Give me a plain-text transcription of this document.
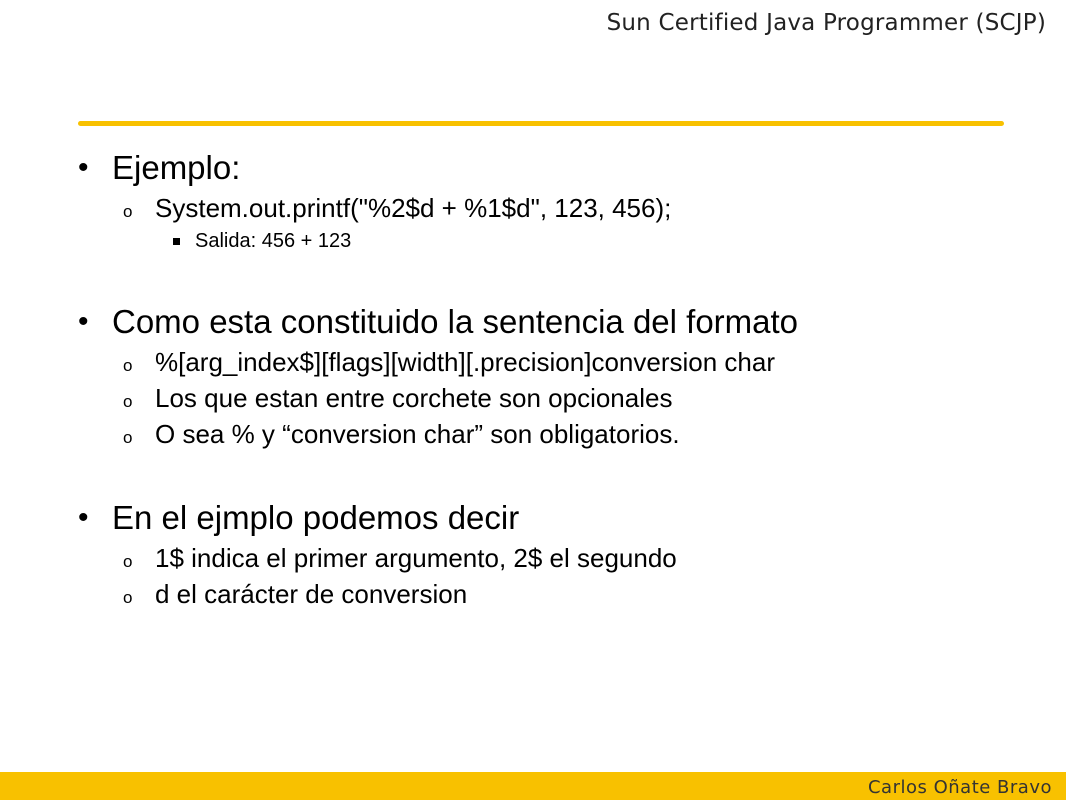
Sun Certified Java Programmer (SCJP)
• Ejemplo:
o System.out.printf("%2$d + %1$d", 123, 456);
Salida: 456 + 123
• Como esta constituido la sentencia del formato
o %[arg_index$][flags][width][.precision]conversion char
o Los que estan entre corchete son opcionales
o O sea % y “conversion char” son obligatorios.
• En el ejmplo podemos decir
o 1$ indica el primer argumento, 2$ el segundo
o d el carácter de conversion
Carlos Oñate Bravo
